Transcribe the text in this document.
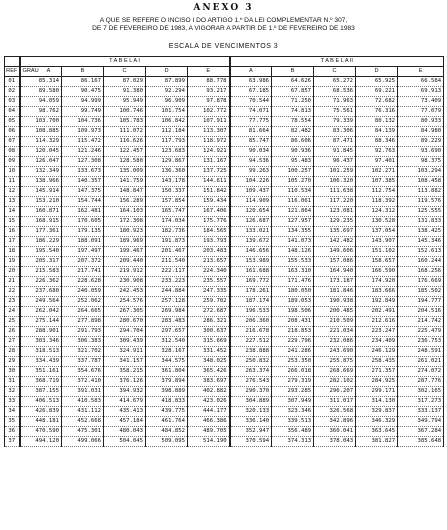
ANEXO 3
A QUE SE REFERE O INCISO I DO ARTIGO 1.º DA LEI COMPLEMENTAR N.º 307,
DE 7 DE FEVEREIRO DE 1983, A VIGORAR A PARTIR DE 1.º DE FEVEREIRO DE 1983
ESCALA DE VENCIMENTOS 3
	T A B E L A I					T A B E L A II				
REF	GRAU A	B	C	D	E	A	B	C	D	E
01	85.314	86.167	87.029	87.899	88.778	63.986	64.626	65.272	65.925	66.584
02	89.580	90.475	91.380	92.294	93.217	67.185	67.857	68.536	69.221	69.913
03	94.059	94.999	95.949	96.909	97.878	70.544	71.250	71.963	72.682	73.409
04	98.762	99.749	100.746	101.754	102.772	74.071	74.813	75.561	76.316	77.079
05	103.700	104.736	105.783	106.842	107.911	77.775	78.554	79.339	80.132	80.933
06	108.885	109.973	111.072	112.184	113.307	81.664	82.482	83.306	84.139	84.980
07	114.329	115.472	116.626	117.793	118.972	85.747	86.606	87.471	88.346	89.229
08	120.045	121.246	122.457	123.683	124.921	90.034	90.936	91.845	92.763	93.690
09	126.047	127.308	128.580	129.867	131.167	94.536	95.483	96.437	97.401	98.375
10	132.349	133.673	135.009	136.360	137.725	99.263	100.257	101.259	102.271	103.294
11	138.966	140.357	141.759	143.178	144.611	104.226	105.270	106.320	107.385	108.458
12	145.914	147.375	148.847	150.337	151.842	109.437	110.534	111.638	112.754	113.882
13	153.210	154.744	156.289	157.854	159.434	114.909	116.061	117.220	118.392	119.576
14	160.871	162.481	164.103	165.747	167.406	120.654	121.864	123.081	124.312	125.555
15	168.915	170.605	172.308	174.034	175.776	126.687	127.957	129.235	130.528	131.833
16	177.361	179.135	180.923	182.736	184.565	133.021	134.355	135.697	137.054	138.425
17	186.229	188.091	189.969	191.873	193.793	139.672	141.073	142.482	143.907	145.346
18	195.540	197.497	199.467	201.467	203.483	146.656	148.126	149.606	151.102	152.613
19	205.317	207.372	209.440	211.540	213.657	153.989	155.533	157.086	158.657	160.244
20	215.583	217.741	219.912	222.117	224.340	161.688	163.310	164.940	166.590	168.256
21	226.362	228.628	230.908	233.223	235.557	169.772	171.476	173.187	174.920	176.669
22	237.680	240.059	242.453	244.884	247.335	178.261	180.050	181.846	183.666	185.502
23	249.564	252.062	254.576	257.128	259.702	187.174	189.053	190.938	192.849	194.777
24	262.042	264.665	267.305	269.984	272.687	196.533	198.506	200.485	202.491	204.516
25	275.144	277.898	280.670	283.483	286.321	206.360	208.431	210.509	212.616	214.742
26	288.901	291.793	294.704	297.657	300.637	216.678	218.853	221.034	223.247	225.479
27	303.346	306.383	309.439	312.540	315.669	227.512	229.796	232.086	234.409	236.753
28	318.513	321.702	324.911	328.167	331.452	238.888	241.286	243.690	246.129	248.591
29	334.439	337.787	341.157	344.575	348.025	250.832	253.350	255.875	258.435	261.021
30	351.161	354.676	358.215	361.804	365.426	263.374	266.018	268.669	271.357	274.072
31	368.719	372.410	376.126	379.894	383.697	276.543	279.319	282.102	284.925	287.776
32	387.155	391.031	394.932	398.889	402.882	290.370	293.285	296.207	299.171	302.165
33	406.513	410.583	414.679	418.833	423.026	304.889	307.949	311.017	314.130	317.273
34	426.839	431.112	435.413	439.775	444.177	320.133	323.346	326.568	329.837	333.137
35	448.181	452.668	457.184	461.764	466.386	336.140	339.513	342.896	346.329	349.794
36	470.590	475.301	480.043	484.852	489.705	352.947	356.489	360.041	363.645	367.284
37	494.120	499.066	504.045	509.095	514.190	370.594	374.313	378.043	381.827	385.648
